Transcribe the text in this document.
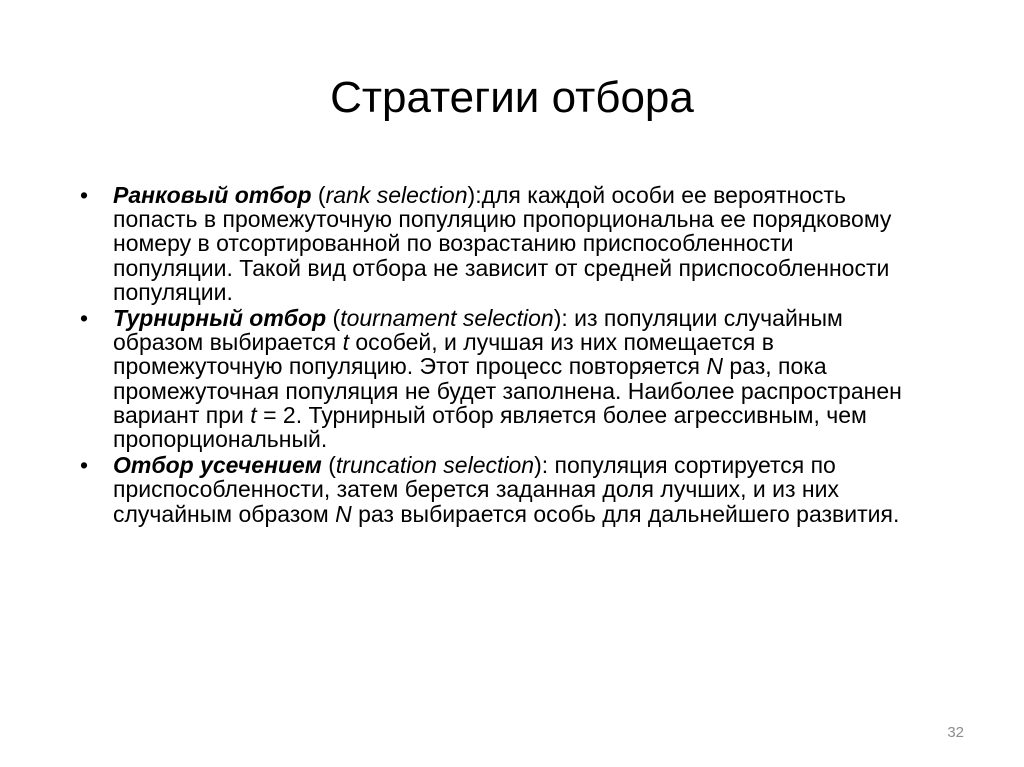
Стратегии отбора
• Ранковый отбор (rank selection):для каждой особи ее вероятность
попасть в промежуточную популяцию пропорциональна ее порядковому
номеру в отсортированной по возрастанию приспособленности
популяции. Такой вид отбора не зависит от средней приспособленности
популяции.
• Турнирный отбор (tournament selection): из популяции случайным
образом выбирается t особей, и лучшая из них помещается в
промежуточную популяцию. Этот процесс повторяется N раз, пока
промежуточная популяция не будет заполнена. Наиболее распространен
вариант при t = 2. Турнирный отбор является более агрессивным, чем
пропорциональный.
• Отбор усечением (truncation selection): популяция сортируется по
приспособленности, затем берется заданная доля лучших, и из них
случайным образом N раз выбирается особь для дальнейшего развития.
32
